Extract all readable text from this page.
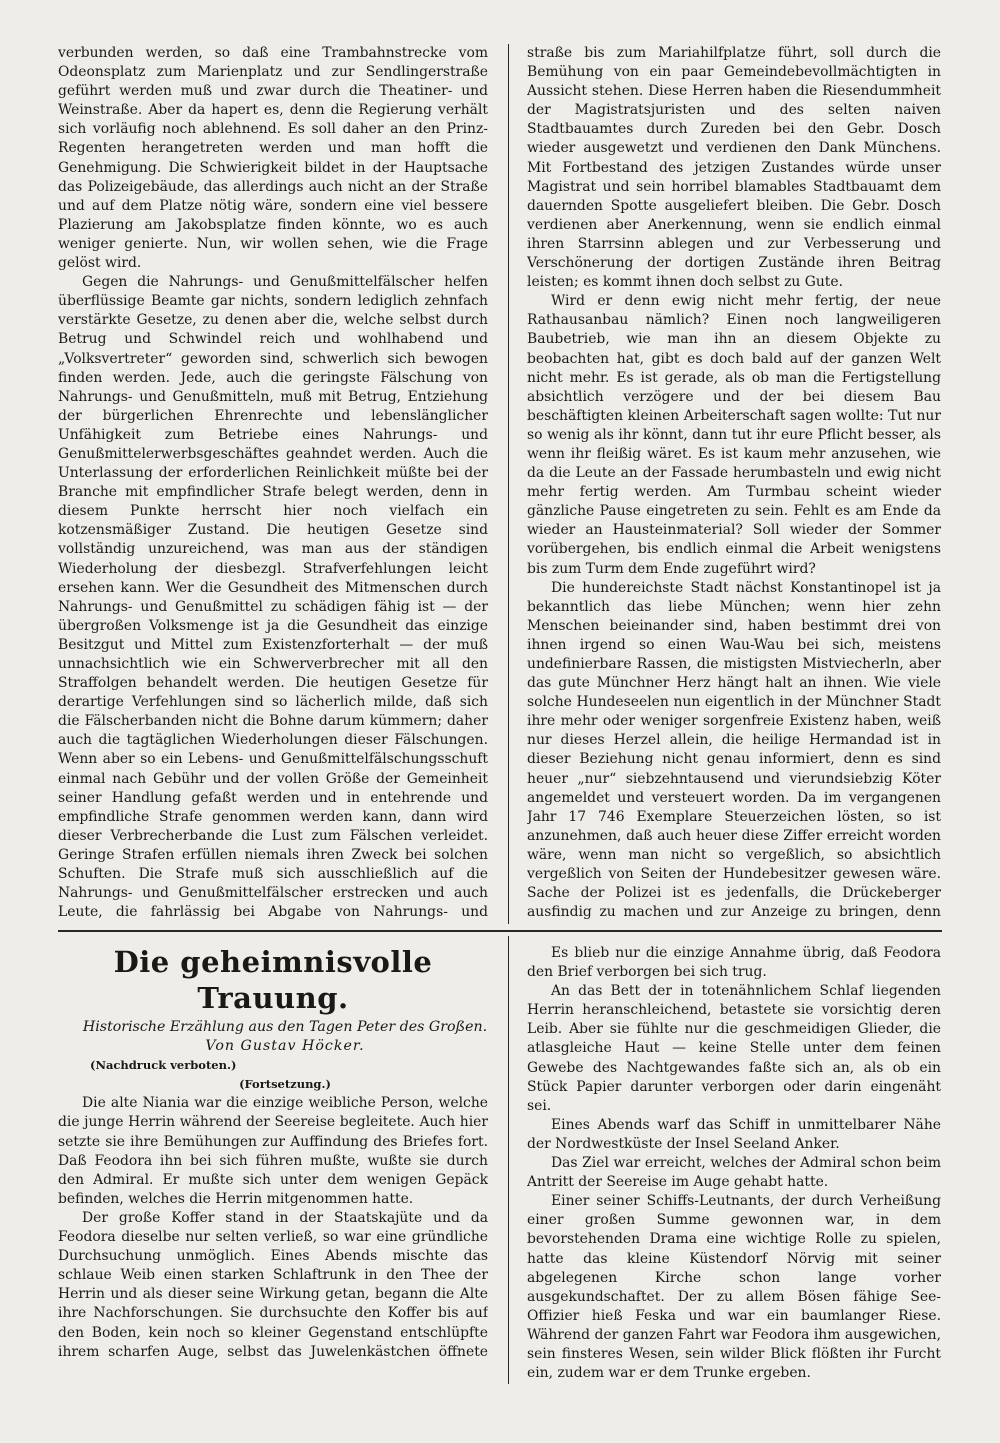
verbunden werden, so daß eine Trambahnstrecke vom Odeonsplatz zum Marienplatz und zur Sendlingerstraße geführt werden muß und zwar durch die Theatiner- und Weinstraße. Aber da hapert es, denn die Regierung verhält sich vorläufig noch ablehnend. Es soll daher an den Prinz-Regenten herangetreten werden und man hofft die Genehmigung. Die Schwierigkeit bildet in der Hauptsache das Polizeigebäude, das allerdings auch nicht an der Straße und auf dem Platze nötig wäre, sondern eine viel bessere Plazierung am Jakobsplatze finden könnte, wo es auch weniger genierte. Nun, wir wollen sehen, wie die Frage gelöst wird.

Gegen die Nahrungs- und Genußmittelfälscher helfen überflüssige Beamte gar nichts, sondern lediglich zehnfach verstärkte Gesetze, zu denen aber die, welche selbst durch Betrug und Schwindel reich und wohlhabend und „Volksvertreter“ geworden sind, schwerlich sich bewogen finden werden. Jede, auch die geringste Fälschung von Nahrungs- und Genußmitteln, muß mit Betrug, Entziehung der bürgerlichen Ehrenrechte und lebenslänglicher Unfähigkeit zum Betriebe eines Nahrungs- und Genußmittelerwerbsgeschäftes geahndet werden. Auch die Unterlassung der erforderlichen Reinlichkeit müßte bei der Branche mit empfindlicher Strafe belegt werden, denn in diesem Punkte herrscht hier noch vielfach ein kotzensmäßiger Zustand. Die heutigen Gesetze sind vollständig unzureichend, was man aus der ständigen Wiederholung der diesbezgl. Strafverfehlungen leicht ersehen kann. Wer die Gesundheit des Mitmenschen durch Nahrungs- und Genußmittel zu schädigen fähig ist — der übergroßen Volksmenge ist ja die Gesundheit das einzige Besitzgut und Mittel zum Existenzforterhalt — der muß unnachsichtlich wie ein Schwerverbrecher mit all den Straffolgen behandelt werden. Die heutigen Gesetze für derartige Verfehlungen sind so lächerlich milde, daß sich die Fälscherbanden nicht die Bohne darum kümmern; daher auch die tagtäglichen Wiederholungen dieser Fälschungen. Wenn aber so ein Lebens- und Genußmittelfälschungsschuft einmal nach Gebühr und der vollen Größe der Gemeinheit seiner Handlung gefaßt werden und in entehrende und empfindliche Strafe genommen werden kann, dann wird dieser Verbrecherbande die Lust zum Fälschen verleidet. Geringe Strafen erfüllen niemals ihren Zweck bei solchen Schuften. Die Strafe muß sich ausschließlich auf die Nahrungs- und Genußmittelfälscher erstrecken und auch Leute, die fahrlässig bei Abgabe von Nahrungs- und

straße bis zum Mariahilfplatze führt, soll durch die Bemühung von ein paar Gemeindebevollmächtigten in Aussicht stehen. Diese Herren haben die Riesendummheit der Magistratsjuristen und des selten naiven Stadtbauamtes durch Zureden bei den Gebr. Dosch wieder ausgewetzt und verdienen den Dank Münchens. Mit Fortbestand des jetzigen Zustandes würde unser Magistrat und sein horribel blamables Stadtbauamt dem dauernden Spotte ausgeliefert bleiben. Die Gebr. Dosch verdienen aber Anerkennung, wenn sie endlich einmal ihren Starrsinn ablegen und zur Verbesserung und Verschönerung der dortigen Zustände ihren Beitrag leisten; es kommt ihnen doch selbst zu Gute.

Wird er denn ewig nicht mehr fertig, der neue Rathausanbau nämlich? Einen noch langweiligeren Baubetrieb, wie man ihn an diesem Objekte zu beobachten hat, gibt es doch bald auf der ganzen Welt nicht mehr. Es ist gerade, als ob man die Fertigstellung absichtlich verzögere und der bei diesem Bau beschäftigten kleinen Arbeiterschaft sagen wollte: Tut nur so wenig als ihr könnt, dann tut ihr eure Pflicht besser, als wenn ihr fleißig wäret. Es ist kaum mehr anzusehen, wie da die Leute an der Fassade herumbasteln und ewig nicht mehr fertig werden. Am Turmbau scheint wieder gänzliche Pause eingetreten zu sein. Fehlt es am Ende da wieder an Hausteinmaterial? Soll wieder der Sommer vorübergehen, bis endlich einmal die Arbeit wenigstens bis zum Turm dem Ende zugeführt wird?

Die hundereichste Stadt nächst Konstantinopel ist ja bekanntlich das liebe München; wenn hier zehn Menschen beieinander sind, haben bestimmt drei von ihnen irgend so einen Wau-Wau bei sich, meistens undefinierbare Rassen, die mistigsten Mistviecherln, aber das gute Münchner Herz hängt halt an ihnen. Wie viele solche Hundeseelen nun eigentlich in der Münchner Stadt ihre mehr oder weniger sorgenfreie Existenz haben, weiß nur dieses Herzel allein, die heilige Hermandad ist in dieser Beziehung nicht genau informiert, denn es sind heuer „nur“ siebzehntausend und vierundsiebzig Köter angemeldet und versteuert worden. Da im vergangenen Jahr 17 746 Exemplare Steuerzeichen lösten, so ist anzunehmen, daß auch heuer diese Ziffer erreicht worden wäre, wenn man nicht so vergeßlich, so absichtlich vergeßlich von Seiten der Hundebesitzer gewesen wäre. Sache der Polizei ist es jedenfalls, die Drückeberger ausfindig zu machen und zur Anzeige zu bringen, denn

Die geheimnisvolle Trauung.

Historische Erzählung aus den Tagen Peter des Großen.

Von Gustav Höcker.

(Nachdruck verboten.)

(Fortsetzung.)

Die alte Niania war die einzige weibliche Person, welche die junge Herrin während der Seereise begleitete. Auch hier setzte sie ihre Bemühungen zur Auffindung des Briefes fort. Daß Feodora ihn bei sich führen mußte, wußte sie durch den Admiral. Er mußte sich unter dem wenigen Gepäck befinden, welches die Herrin mitgenommen hatte.

Der große Koffer stand in der Staatskajüte und da Feodora dieselbe nur selten verließ, so war eine gründliche Durchsuchung unmöglich. Eines Abends mischte das schlaue Weib einen starken Schlaftrunk in den Thee der Herrin und als dieser seine Wirkung getan, begann die Alte ihre Nachforschungen. Sie durchsuchte den Koffer bis auf den Boden, kein noch so kleiner Gegenstand entschlüpfte ihrem scharfen Auge, selbst das Juwelenkästchen öffnete

Es blieb nur die einzige Annahme übrig, daß Feodora den Brief verborgen bei sich trug.

An das Bett der in totenähnlichem Schlaf liegenden Herrin heranschleichend, betastete sie vorsichtig deren Leib. Aber sie fühlte nur die geschmeidigen Glieder, die atlasgleiche Haut — keine Stelle unter dem feinen Gewebe des Nachtgewandes faßte sich an, als ob ein Stück Papier darunter verborgen oder darin eingenäht sei.

Eines Abends warf das Schiff in unmittelbarer Nähe der Nordwestküste der Insel Seeland Anker.

Das Ziel war erreicht, welches der Admiral schon beim Antritt der Seereise im Auge gehabt hatte.

Einer seiner Schiffs-Leutnants, der durch Verheißung einer großen Summe gewonnen war, in dem bevorstehenden Drama eine wichtige Rolle zu spielen, hatte das kleine Küstendorf Nörvig mit seiner abgelegenen Kirche schon lange vorher ausgekundschaftet. Der zu allem Bösen fähige See-Offizier hieß Feska und war ein baumlanger Riese. Während der ganzen Fahrt war Feodora ihm ausgewichen, sein finsteres Wesen, sein wilder Blick flößten ihr Furcht ein, zudem war er dem Trunke ergeben.
